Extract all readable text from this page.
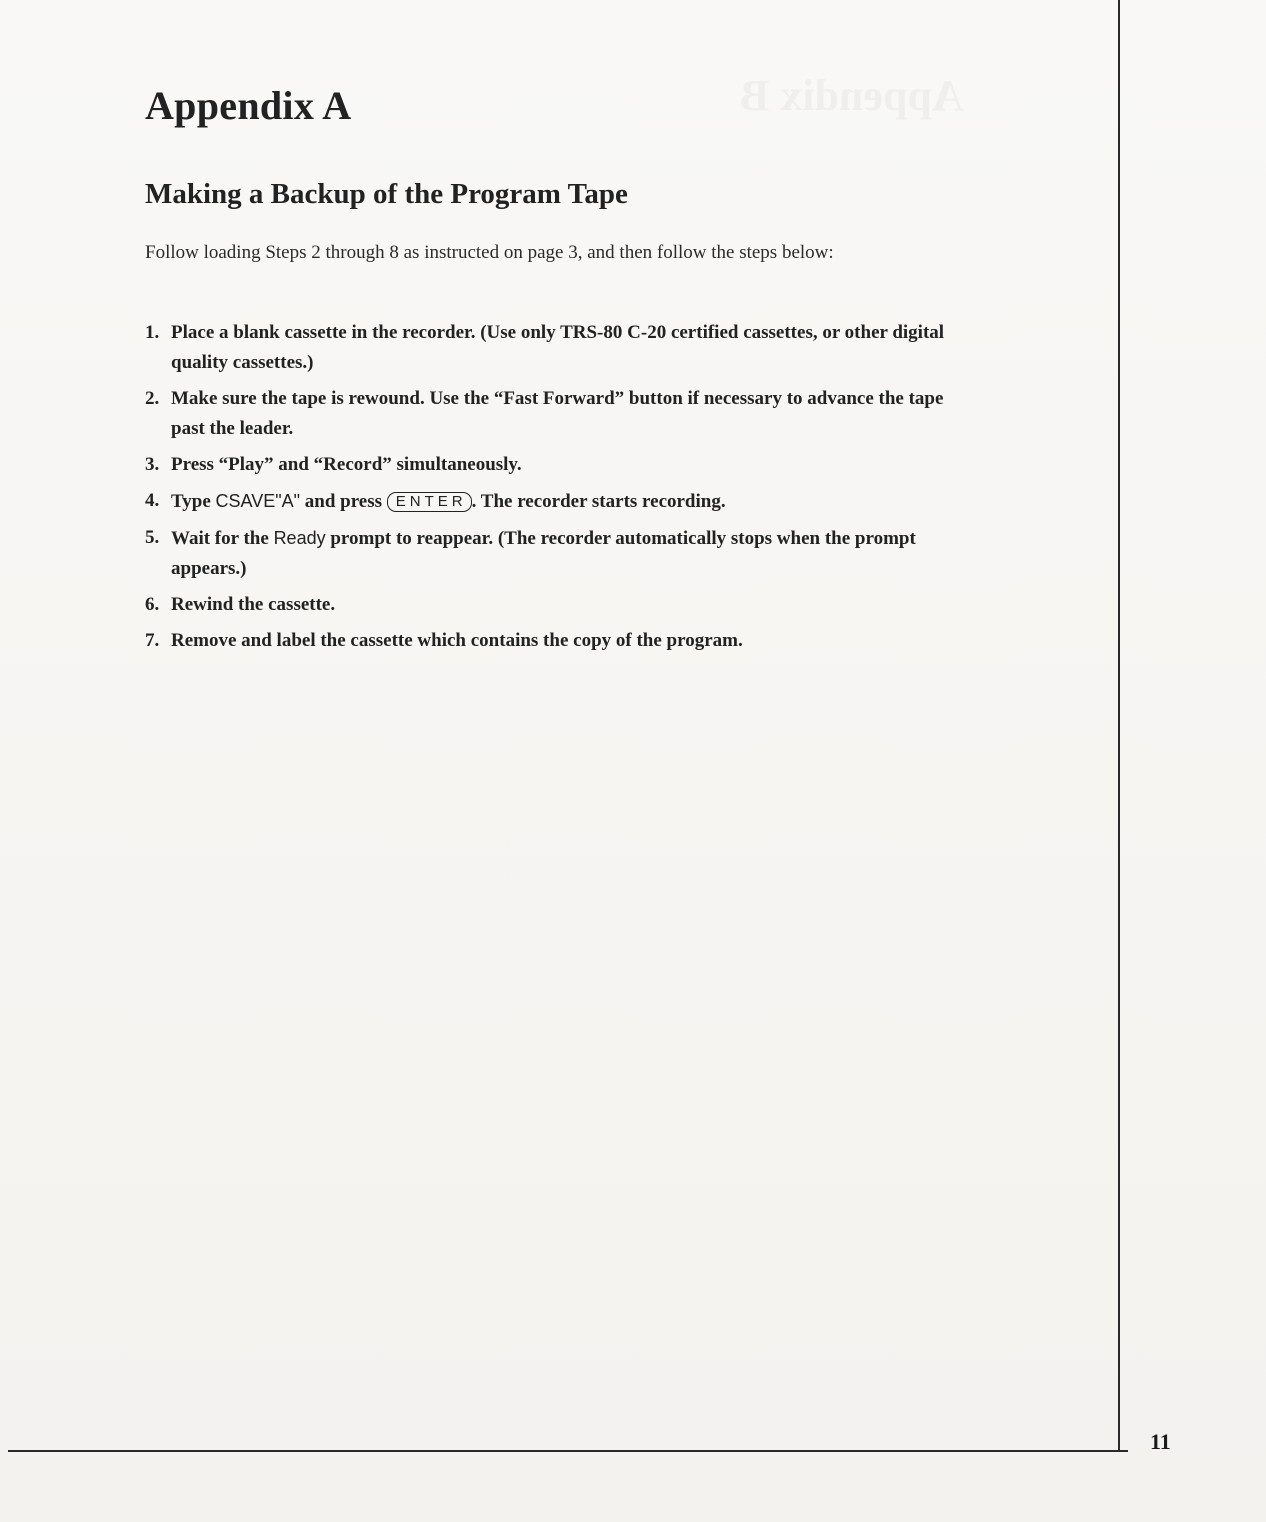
Appendix A
Making a Backup of the Program Tape

Follow loading Steps 2 through 8 as instructed on page 3, and then follow the steps below:

1. Place a blank cassette in the recorder. (Use only TRS-80 C-20 certified cassettes, or other digital quality cassettes.)
2. Make sure the tape is rewound. Use the “Fast Forward” button if necessary to advance the tape past the leader.
3. Press “Play” and “Record” simultaneously.
4. Type CSAVE"A" and press ENTER . The recorder starts recording.
5. Wait for the Ready prompt to reappear. (The recorder automatically stops when the prompt appears.)
6. Rewind the cassette.
7. Remove and label the cassette which contains the copy of the program.
11
